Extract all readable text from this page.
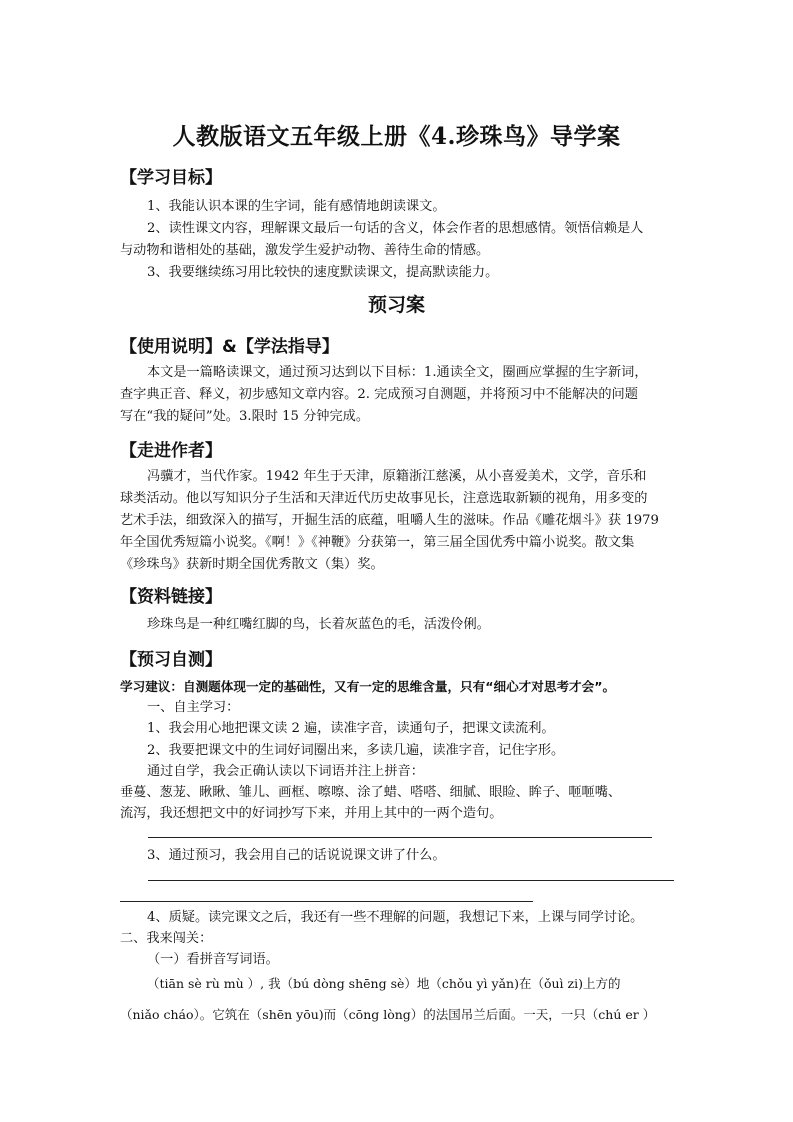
人教版语文五年级上册《4.珍珠鸟》导学案
【学习目标】
1、我能认识本课的生字词，能有感情地朗读课文。
2、读性课文内容，理解课文最后一句话的含义，体会作者的思想感情。领悟信赖是人
与动物和谐相处的基础，激发学生爱护动物、善待生命的情感。
3、我要继续练习用比较快的速度默读课文，提高默读能力。
预习案
【使用说明】&【学法指导】
本文是一篇略读课文，通过预习达到以下目标：1.通读全文，圈画应掌握的生字新词，
查字典正音、释义，初步感知文章内容。2. 完成预习自测题，并将预习中不能解决的问题
写在“我的疑问”处。3.限时 15 分钟完成。
【走进作者】
冯骥才，当代作家。1942 年生于天津，原籍浙江慈溪，从小喜爱美术，文学，音乐和
球类活动。他以写知识分子生活和天津近代历史故事见长，注意选取新颖的视角，用多变的
艺术手法，细致深入的描写，开掘生活的底蕴，咀嚼人生的滋味。作品《雕花烟斗》获 1979
年全国优秀短篇小说奖。《啊！》《神鞭》分获第一，第三届全国优秀中篇小说奖。散文集
《珍珠鸟》获新时期全国优秀散文（集）奖。
【资料链接】
珍珠鸟是一种红嘴红脚的鸟，长着灰蓝色的毛，活泼伶俐。
【预习自测】
学习建议：自测题体现一定的基础性，又有一定的思维含量，只有“细心才对思考才会”。
一、自主学习：
1、我会用心地把课文读 2 遍，读准字音，读通句子，把课文读流利。
2、我要把课文中的生词好词圈出来，多读几遍，读准字音，记住字形。
通过自学，我会正确认读以下词语并注上拼音：
垂蔓、葱茏、瞅瞅、雏儿、画框、嚓嚓、涂了蜡、嗒嗒、细腻、眼睑、眸子、咂咂嘴、
流泻，我还想把文中的好词抄写下来，并用上其中的一两个造句。
3、通过预习，我会用自己的话说说课文讲了什么。
4、质疑。读完课文之后，我还有一些不理解的问题，我想记下来，上课与同学讨论。
二、我来闯关：
（一）看拼音写词语。
（tiān sè rù mù ）, 我（bú dòng shēng sè）地（chǒu yì yǎn)在（ǒuì zi)上方的
（niǎo cháo）。它筑在（shēn yōu)而（cōng lòng）的法国吊兰后面。一天，一只（chú er ）
